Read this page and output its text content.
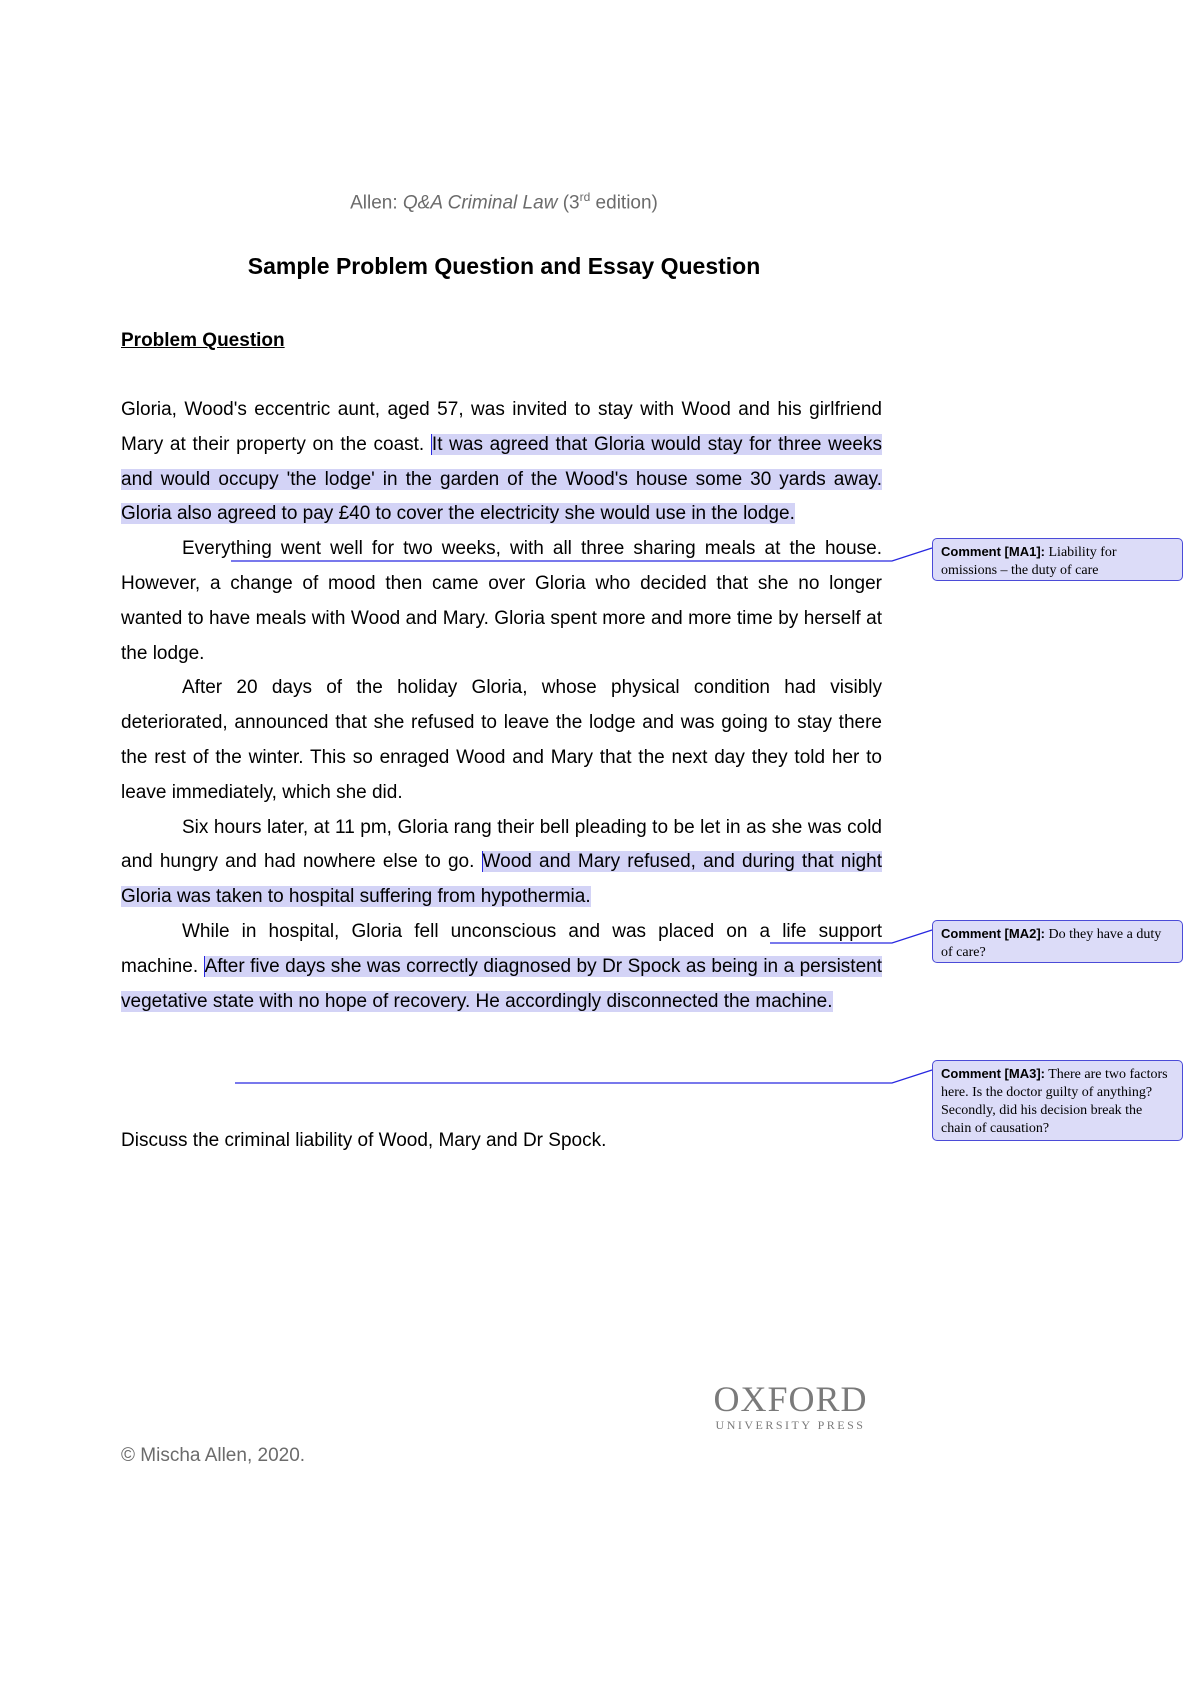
Allen: Q&A Criminal Law (3rd edition)
Sample Problem Question and Essay Question
Problem Question

Gloria, Wood's eccentric aunt, aged 57, was invited to stay with Wood and his girlfriend Mary at their property on the coast. It was agreed that Gloria would stay for three weeks and would occupy 'the lodge' in the garden of the Wood's house some 30 yards away. Gloria also agreed to pay £40 to cover the electricity she would use in the lodge.

Everything went well for two weeks, with all three sharing meals at the house. However, a change of mood then came over Gloria who decided that she no longer wanted to have meals with Wood and Mary. Gloria spent more and more time by herself at the lodge.

After 20 days of the holiday Gloria, whose physical condition had visibly deteriorated, announced that she refused to leave the lodge and was going to stay there the rest of the winter. This so enraged Wood and Mary that the next day they told her to leave immediately, which she did.

Six hours later, at 11 pm, Gloria rang their bell pleading to be let in as she was cold and hungry and had nowhere else to go. Wood and Mary refused, and during that night Gloria was taken to hospital suffering from hypothermia.

While in hospital, Gloria fell unconscious and was placed on a life support machine. After five days she was correctly diagnosed by Dr Spock as being in a persistent vegetative state with no hope of recovery. He accordingly disconnected the machine.

Discuss the criminal liability of Wood, Mary and Dr Spock.
Comment [MA1]: Liability for omissions – the duty of care
Comment [MA2]: Do they have a duty of care?
Comment [MA3]: There are two factors here. Is the doctor guilty of anything? Secondly, did his decision break the chain of causation?
OXFORD
UNIVERSITY PRESS
© Mischa Allen, 2020.
